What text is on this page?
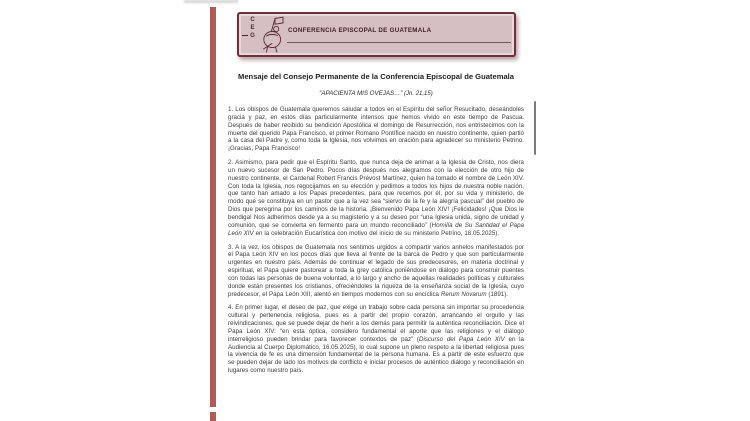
C
E
G
CONFERENCIA EPISCOPAL DE GUATEMALA
Mensaje del Consejo Permanente de la Conferencia Episcopal de Guatemala
“APACIENTA MIS OVEJAS…” (Jn. 21,15)

1. Los obispos de Guatemala queremos saludar a todos en el Espíritu del señor Resucitado, deseándoles gracia y paz, en estos días particularmente intensos que hemos vivido en este tiempo de Pascua. Después de haber recibido su bendición Apostólica el domingo de Resurrección, nos entristecimos con la muerte del querido Papa Francisco, el primer Romano Pontífice nacido en nuestro continente, quien partió a la casa del Padre y, como toda la Iglesia, nos volvimos en oración para agradecer su ministerio Petrino. ¡Gracias, Papa Francisco!

2. Asimismo, para pedir que el Espíritu Santo, que nunca deja de animar a la Iglesia de Cristo, nos diera un nuevo sucesor de San Pedro. Pocos días después nos alegramos con la elección de otro hijo de nuestro continente, el Cardenal Robert Francis Prévost Martínez, quien ha tomado el nombre de León XIV. Con toda la Iglesia, nos regocijamos en su elección y pedimos a todos los hijos de nuestra noble nación, que tanto han amado a los Papas precedentes, para que recemos por él, por su vida y ministerio, de modo que se constituya en un pastor que a la vez sea “siervo de la fe y la alegría pascual” del pueblo de Dios que peregrina por los caminos de la historia. ¡Bienvenido Papa León XIV! ¡Felicidades! ¡Que Dios le bendiga! Nos adherimos desde ya a su magisterio y a su deseo por “una Iglesia unida, signo de unidad y comunión, que se convierta en fermento para un mundo reconciliado” (Homilía de Su Santidad el Papa León XIV en la celebración Eucarística con motivo del inicio de su ministerio Petrino, 18.05.2025).

3. A la vez, los obispos de Guatemala nos sentimos urgidos a compartir varios anhelos manifestados por el Papa León XIV en los pocos días que lleva al frente de la barca de Pedro y que son particularmente urgentes en nuestro país. Además de continuar el legado de sus predecesores, en materia doctrinal y espiritual, el Papa quiere pastorear a toda la grey católica poniéndose en diálogo para construir puentes con todas las personas de buena voluntad, a lo largo y ancho de aquellas realidades políticas y culturales donde están presentes los cristianos, ofreciéndoles la riqueza de la enseñanza social de la Iglesia, cuyo predecesor, el Papa León XIII, alentó en tiempos modernos con su encíclica Rerum Novarum (1891).

4. En primer lugar, el deseo de paz, que exige un trabajo sobre cada persona sin importar su procedencia cultural y pertenencia religiosa, pues es a partir del propio corazón, arrancando el orgullo y las reivindicaciones, que se puede dejar de herir a los demás para permitir la auténtica reconciliación. Dice el Papa León XIV: “en esta óptica, considero fundamental el aporte que las religiones y el diálogo interreligioso pueden brindar para favorecer contextos de paz” (Discurso del Papa León XIV en la Audiencia al Cuerpo Diplomático, 16.05.2025), lo cual supone un pleno respeto a la libertad religiosa pues la vivencia de fe es una dimensión fundamental de la persona humana. Es a partir de este esfuerzo que se pueden dejar de lado los motivos de conflicto e iniciar procesos de auténtico diálogo y reconciliación en lugares como nuestro país.
